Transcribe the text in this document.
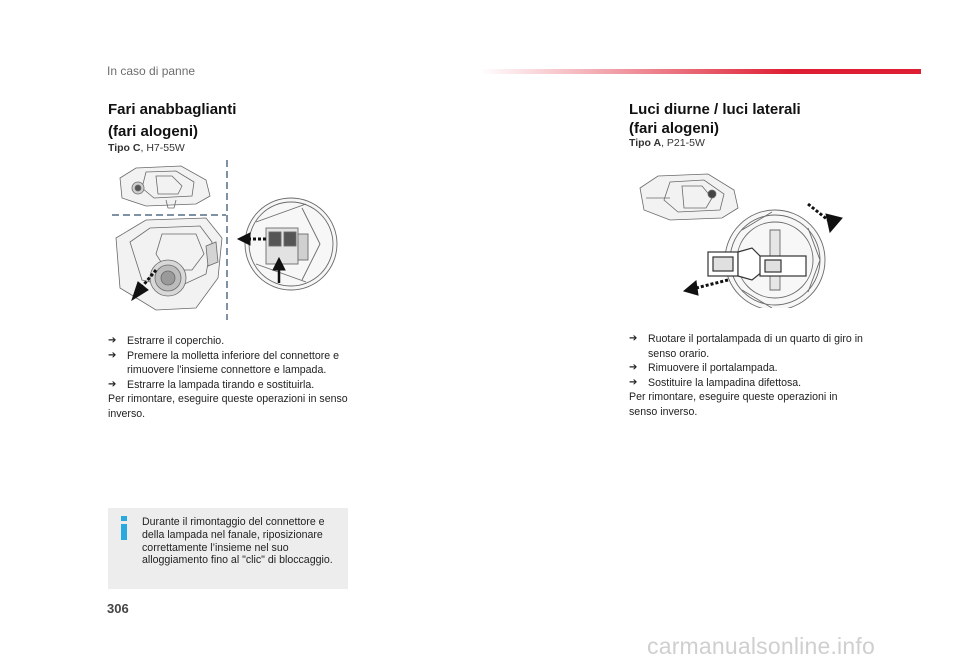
In caso di panne
Fari anabbaglianti
(fari alogeni)
Tipo C, H7-55W
➔ Estrarre il coperchio.
➔ Premere la molletta inferiore del connettore e rimuovere l'insieme connettore e lampada.
➔ Estrarre la lampada tirando e sostituirla.
Per rimontare, eseguire queste operazioni in senso inverso.
Durante il rimontaggio del connettore e della lampada nel fanale, riposizionare correttamente l’insieme nel suo alloggiamento fino al "clic" di bloccaggio.
Luci diurne / luci laterali
(fari alogeni)
Tipo A, P21-5W
➔ Ruotare il portalampada di un quarto di giro in senso orario.
➔ Rimuovere il portalampada.
➔ Sostituire la lampadina difettosa.
Per rimontare, eseguire queste operazioni in senso inverso.
306
carmanualsonline.info
